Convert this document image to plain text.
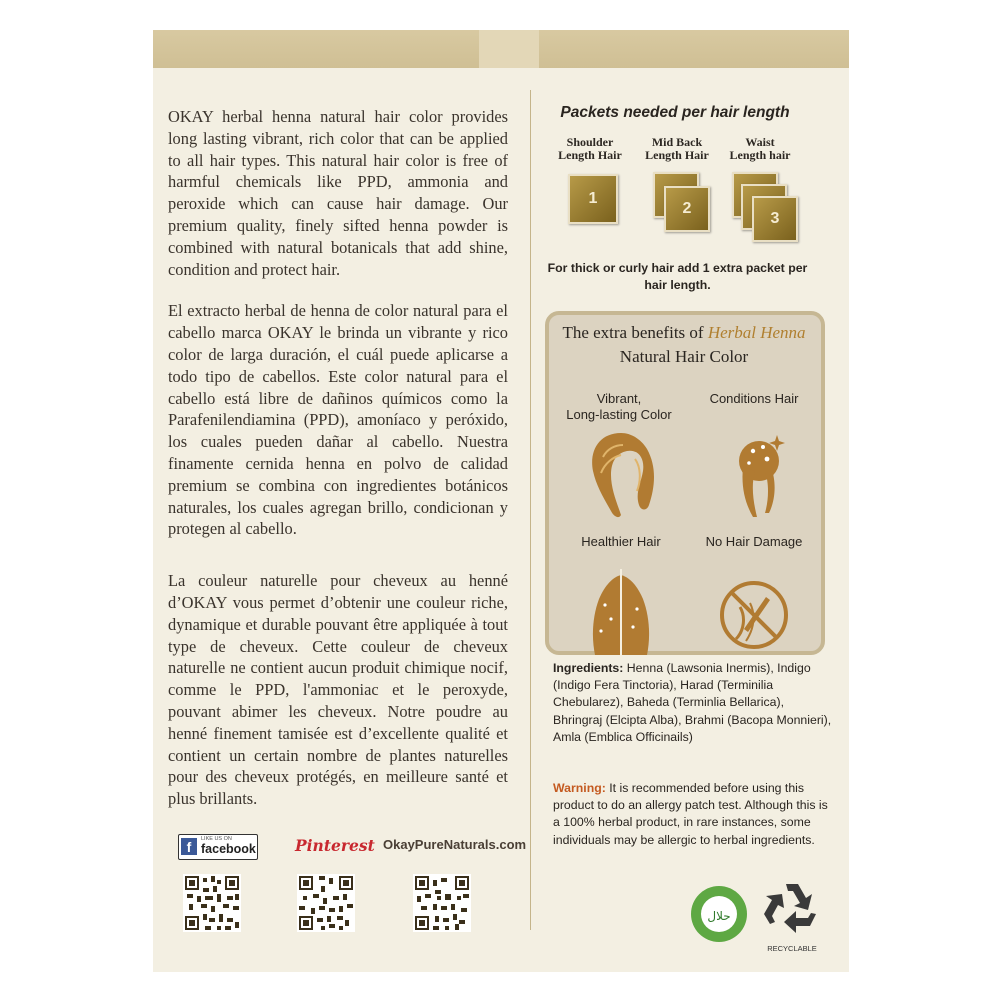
OKAY herbal henna natural hair color provides long lasting vibrant, rich color that can be applied to all hair types. This natural hair color is free of harmful chemicals like PPD, ammonia and peroxide which can cause hair damage. Our premium quality, finely sifted henna powder is combined with natural botanicals that add shine, condition and protect hair.

El extracto herbal de henna de color natural para el cabello marca OKAY le brinda un vibrante y rico color de larga duración, el cuál puede aplicarse a todo tipo de cabellos. Este color natural para el cabello está libre de dañinos químicos como la Parafenilendiamina (PPD), amoníaco y peróxido, los cuales pueden dañar al cabello. Nuestra finamente cernida henna en polvo de calidad premium se combina con ingredientes botánicos naturales, los cuales agregan brillo, condicionan y protegen al cabello.

La couleur naturelle pour cheveux au henné d’OKAY vous permet d’obtenir une couleur riche, dynamique et durable pouvant être appliquée à tout type de cheveux. Cette couleur de cheveux naturelle ne contient aucun produit chimique nocif, comme le PPD, l'ammoniac et le peroxyde, pouvant abimer les cheveux. Notre poudre au henné finement tamisée est d’excellente qualité et contient un certain nombre de plantes naturelles pour des cheveux protégés, en meilleure santé et plus brillants.

f	LIKE US ON
facebook	Pinterest OkayPureNaturals.com
Packets needed per hair length
Shoulder
Length Hair
Mid Back
Length Hair
Waist
Length hair
1
2
3
For thick or curly hair add 1 extra packet per hair length.
The extra benefits of Herbal Henna Natural Hair Color
Vibrant,
Long-lasting Color
Conditions Hair
Healthier Hair	No Hair Damage
Ingredients: Henna (Lawsonia Inermis), Indigo (Indigo Fera Tinctoria), Harad (Terminilia Chebularez), Baheda (Terminlia Bellarica), Bhringraj (Elcipta Alba), Brahmi (Bacopa Monnieri), Amla (Emblica Officinails)
Warning: It is recommended before using this product to do an allergy patch test. Although this is a 100% herbal product, in rare instances, some individuals may be allergic to herbal ingredients.
حلال
RECYCLABLE
